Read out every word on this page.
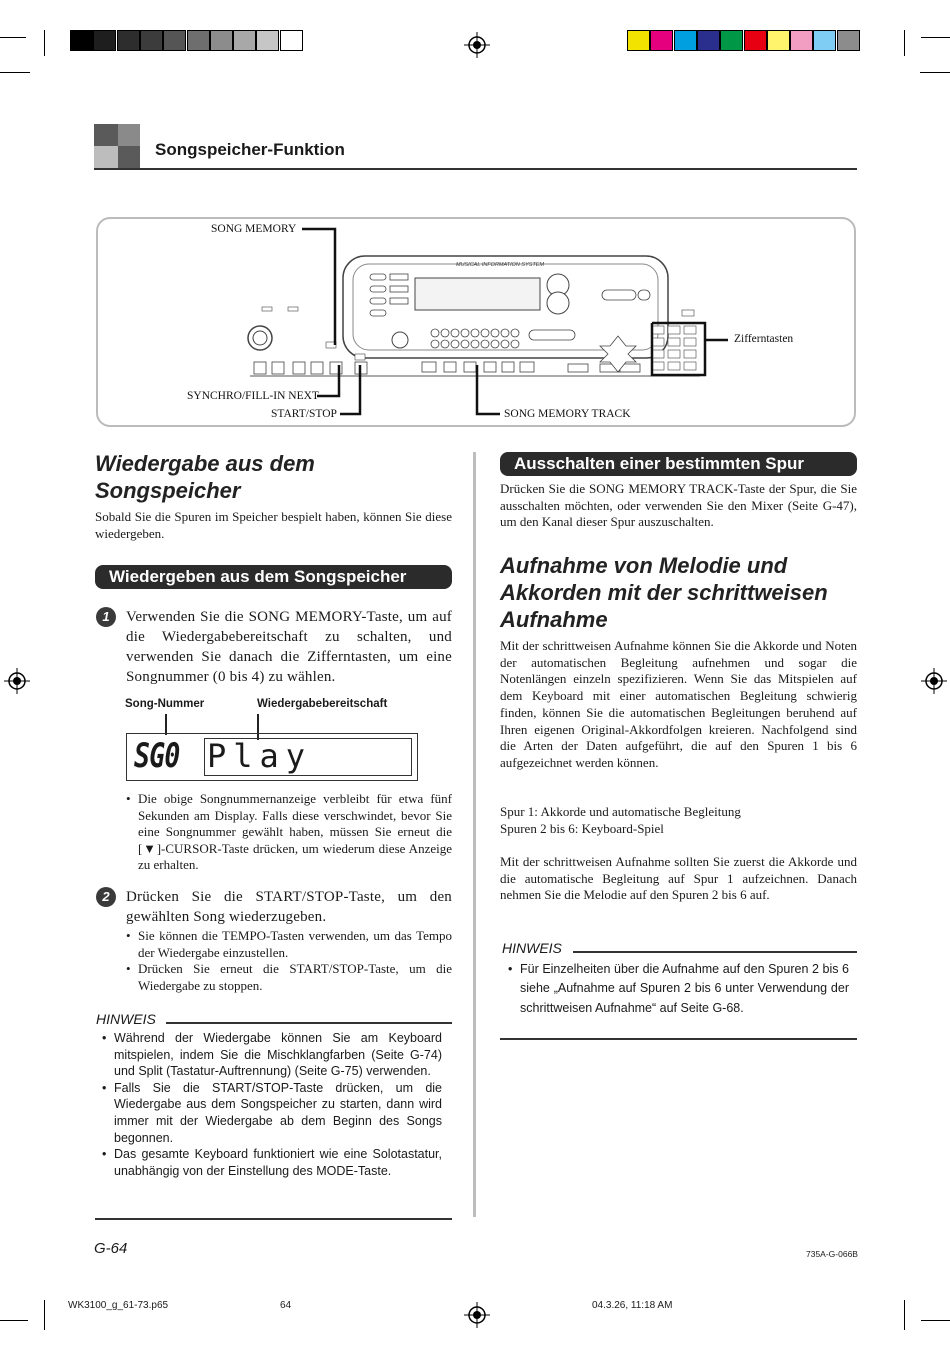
Songspeicher-Funktion
MUSICAL INFORMATION SYSTEM
SONG MEMORY
Zifferntasten
SYNCHRO/FILL-IN NEXT
START/STOP	SONG MEMORY TRACK
Wiedergabe aus dem Songspeicher
Sobald Sie die Spuren im Speicher bespielt haben, können Sie diese wiedergeben.
Wiedergeben aus dem Songspeicher
1	Verwenden Sie die SONG MEMORY-Taste, um auf die Wiedergabebereitschaft zu schalten, und verwenden Sie danach die Zifferntasten, um eine Songnummer (0 bis 4) zu wählen.
Song-Nummer	Wiedergabebereitschaft
SG0 Play
• Die obige Songnummernanzeige verbleibt für etwa fünf Sekunden am Display. Falls diese verschwindet, bevor Sie eine Songnummer gewählt haben, müssen Sie erneut die [▼]-CURSOR-Taste drücken, um wiederum diese Anzeige zu erhalten.
2	Drücken Sie die START/STOP-Taste, um den gewählten Song wiederzugeben.
• Sie können die TEMPO-Tasten verwenden, um das Tempo der Wiedergabe einzustellen.
• Drücken Sie erneut die START/STOP-Taste, um die Wiedergabe zu stoppen.
HINWEIS
• Während der Wiedergabe können Sie am Keyboard mitspielen, indem Sie die Mischklangfarben (Seite G-74) und Split (Tastatur-Auftrennung) (Seite G-75) verwenden.
• Falls Sie die START/STOP-Taste drücken, um die Wiedergabe aus dem Songspeicher zu starten, dann wird immer mit der Wiedergabe ab dem Beginn des Songs begonnen.
• Das gesamte Keyboard funktioniert wie eine Solotastatur, unabhängig von der Einstellung des MODE-Taste.
Ausschalten einer bestimmten Spur
Drücken Sie die SONG MEMORY TRACK-Taste der Spur, die Sie ausschalten möchten, oder verwenden Sie den Mixer (Seite G-47), um den Kanal dieser Spur auszuschalten.
Aufnahme von Melodie und Akkorden mit der schrittweisen Aufnahme
Mit der schrittweisen Aufnahme können Sie die Akkorde und Noten der automatischen Begleitung aufnehmen und sogar die Notenlängen einzeln spezifizieren. Wenn Sie das Mitspielen auf dem Keyboard mit einer automatischen Begleitung schwierig finden, können Sie die automatischen Begleitungen beruhend auf Ihren eigenen Original-Akkordfolgen kreieren. Nachfolgend sind die Arten der Daten aufgeführt, die auf den Spuren 1 bis 6 aufgezeichnet werden können.
Spur 1: Akkorde und automatische Begleitung
Spuren 2 bis 6: Keyboard-Spiel
Mit der schrittweisen Aufnahme sollten Sie zuerst die Akkorde und die automatische Begleitung auf Spur 1 aufzeichnen. Danach nehmen Sie die Melodie auf den Spuren 2 bis 6 auf.
HINWEIS
• Für Einzelheiten über die Aufnahme auf den Spuren 2 bis 6 siehe „Aufnahme auf Spuren 2 bis 6 unter Verwendung der schrittweisen Aufnahme“ auf Seite G-68.
G-64	735A-G-066B
WK3100_g_61-73.p65	64	04.3.26, 11:18 AM
